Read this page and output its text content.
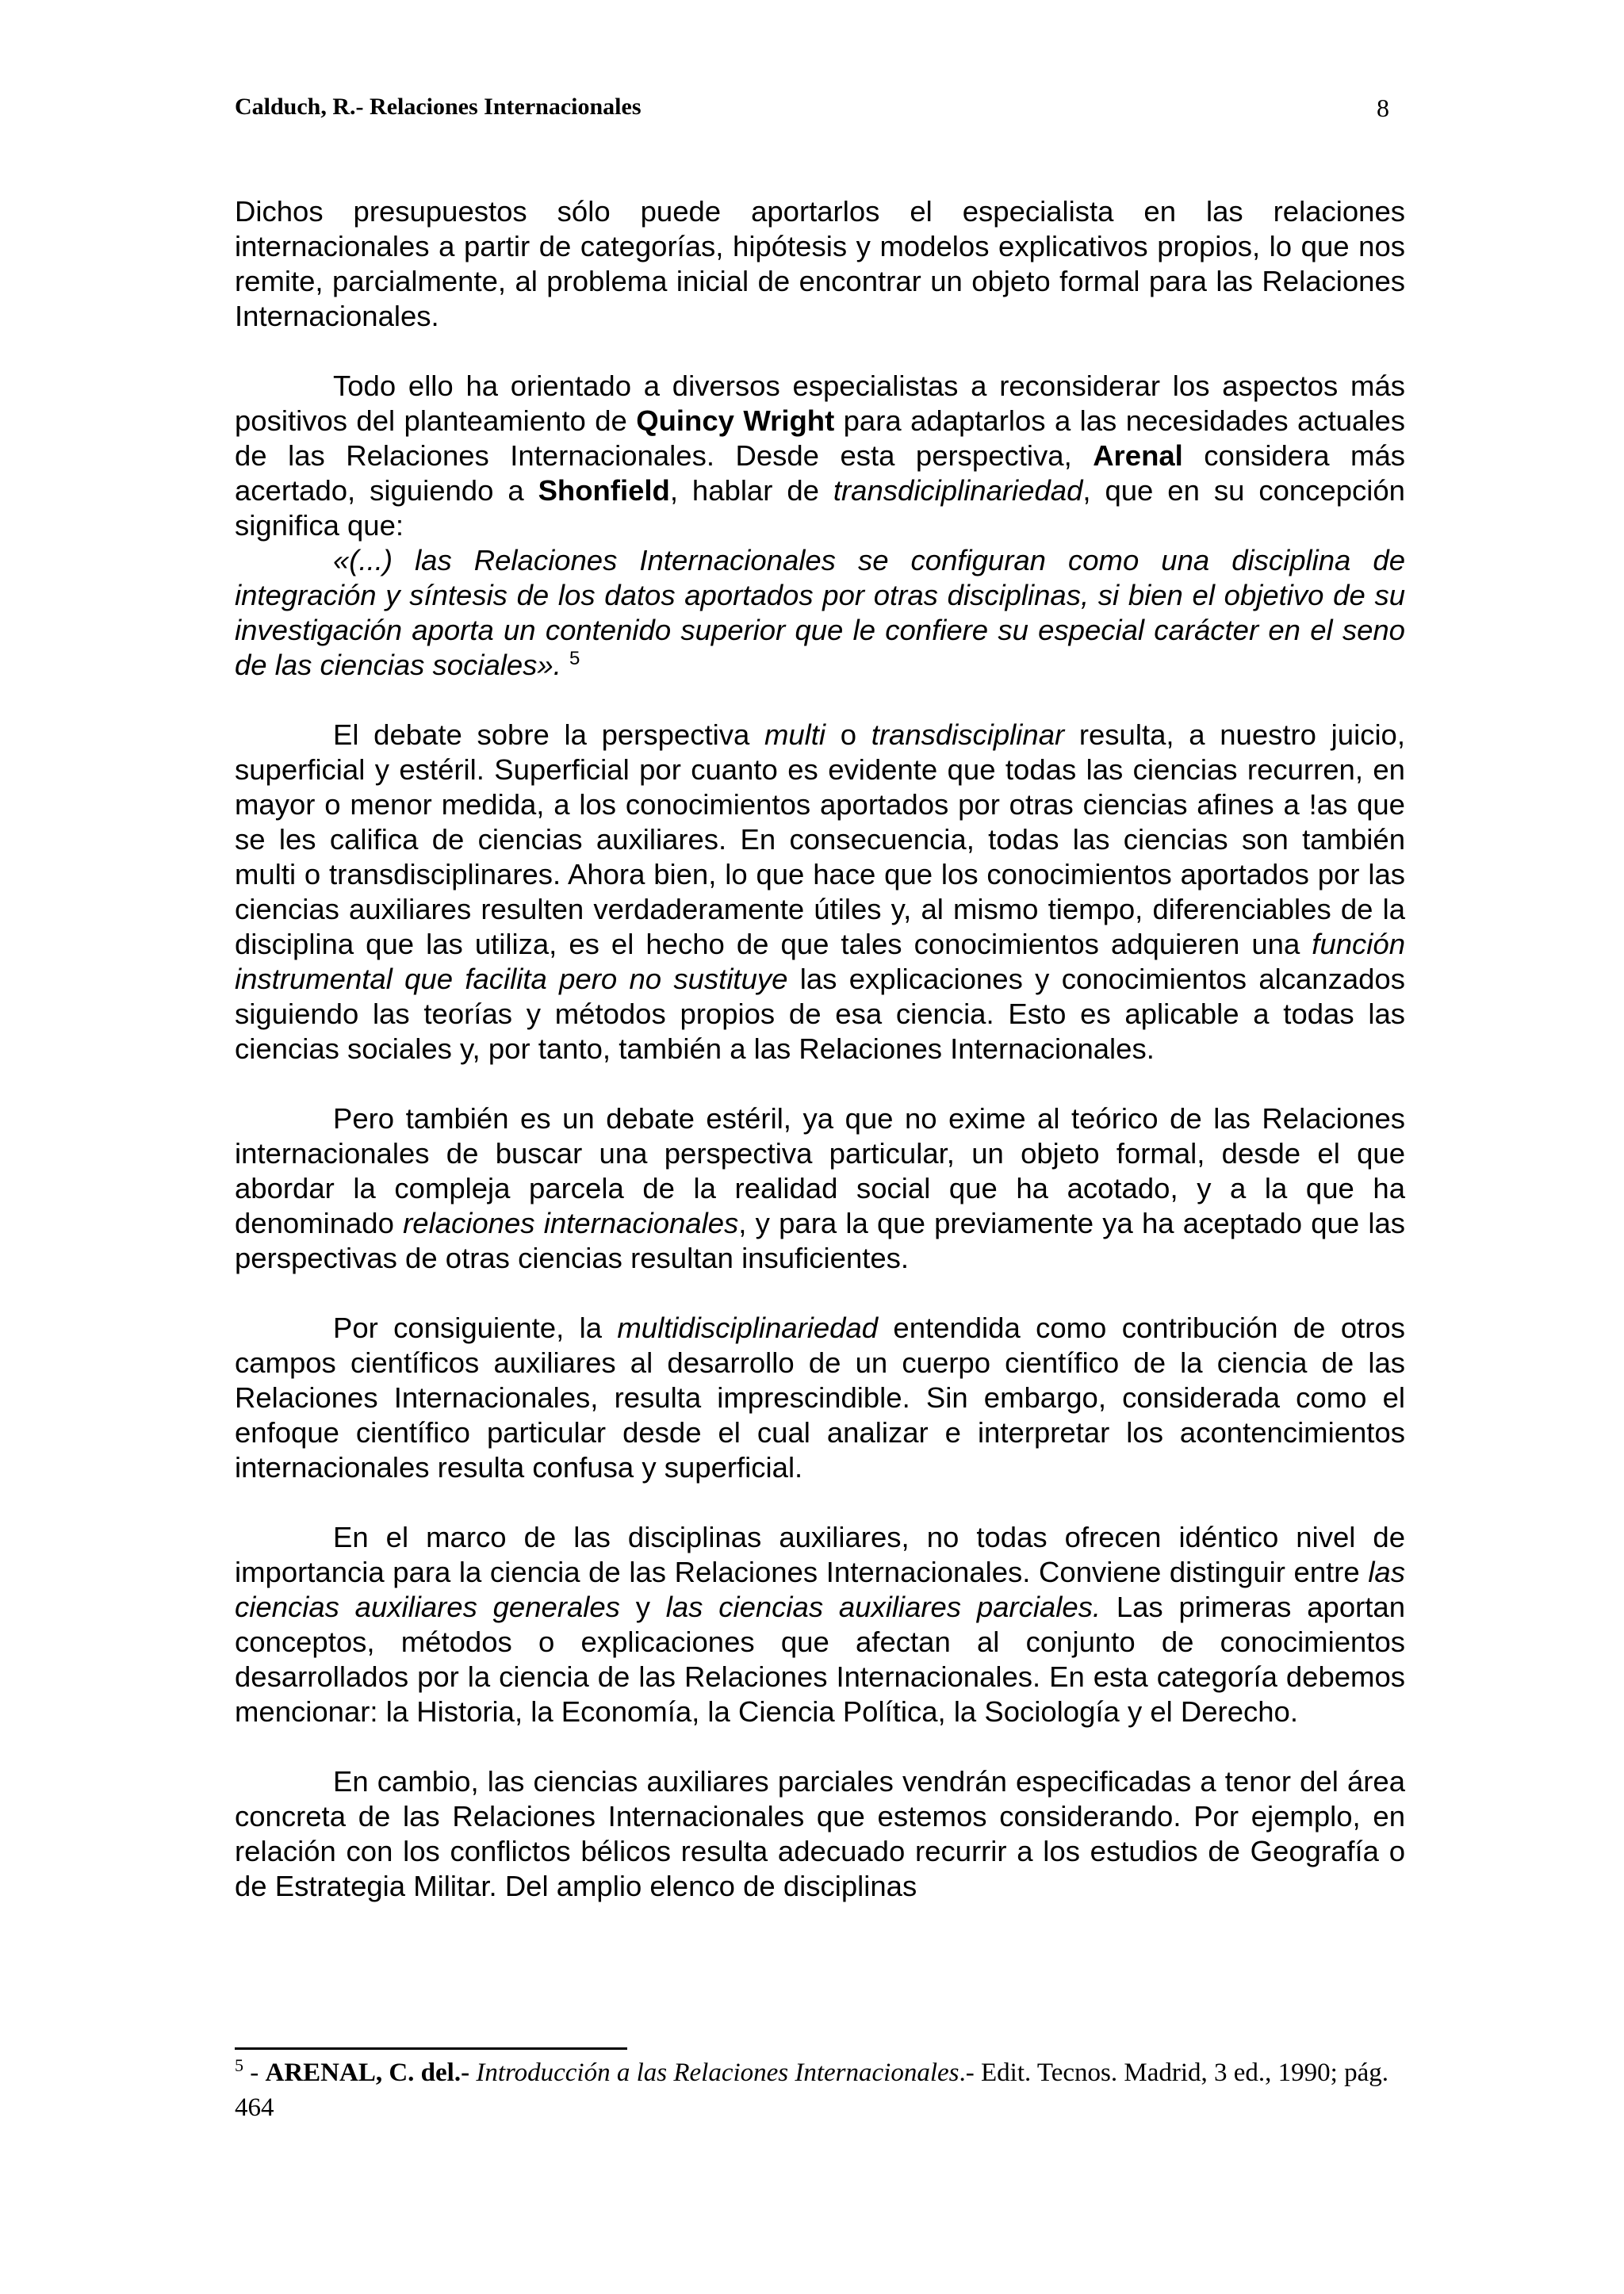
Calduch, R.- Relaciones Internacionales	8

Dichos presupuestos sólo puede aportarlos el especialista en las relaciones internacionales a partir de categorías, hipótesis y modelos explicativos propios, lo que nos remite, parcialmente, al problema inicial de encontrar un objeto formal para las Relaciones Internacionales.

Todo ello ha orientado a diversos especialistas a reconsiderar los aspectos más positivos del planteamiento de Quincy Wright para adaptarlos a las necesidades actuales de las Relaciones Internacionales. Desde esta perspectiva, Arenal considera más acertado, siguiendo a Shonfield, hablar de transdiciplinariedad, que en su concepción significa que:

«(...) las Relaciones Internacionales se configuran como una disciplina de integración y síntesis de los datos aportados por otras disciplinas, si bien el objetivo de su investigación aporta un contenido superior que le confiere su especial carácter en el seno de las ciencias sociales». $^5$

El debate sobre la perspectiva multi o transdisciplinar resulta, a nuestro juicio, superficial y estéril. Superficial por cuanto es evidente que todas las ciencias recurren, en mayor o menor medida, a los conocimientos aportados por otras ciencias afines a !as que se les califica de ciencias auxiliares. En consecuencia, todas las ciencias son también multi o transdisciplinares. Ahora bien, lo que hace que los conocimientos aportados por las ciencias auxiliares resulten verdaderamente útiles y, al mismo tiempo, diferenciables de la disciplina que las utiliza, es el hecho de que tales conocimientos adquieren una función instrumental que facilita pero no sustituye las explicaciones y conocimientos alcanzados siguiendo las teorías y métodos propios de esa ciencia. Esto es aplicable a todas las ciencias sociales y, por tanto, también a las Relaciones Internacionales.

Pero también es un debate estéril, ya que no exime al teórico de las Relaciones internacionales de buscar una perspectiva particular, un objeto formal, desde el que abordar la compleja parcela de la realidad social que ha acotado, y a la que ha denominado relaciones internacionales, y para la que previamente ya ha aceptado que las perspectivas de otras ciencias resultan insuficientes.

Por consiguiente, la multidisciplinariedad entendida como contribución de otros campos científicos auxiliares al desarrollo de un cuerpo científico de la ciencia de las Relaciones Internacionales, resulta imprescindible. Sin embargo, considerada como el enfoque científico particular desde el cual analizar e interpretar los acontencimientos internacionales resulta confusa y superficial.

En el marco de las disciplinas auxiliares, no todas ofrecen idéntico nivel de importancia para la ciencia de las Relaciones Internacionales. Conviene distinguir entre las ciencias auxiliares generales y las ciencias auxiliares parciales. Las primeras aportan conceptos, métodos o explicaciones que afectan al conjunto de conocimientos desarrollados por la ciencia de las Relaciones Internacionales. En esta categoría debemos mencionar: la Historia, la Economía, la Ciencia Política, la Sociología y el Derecho.

En cambio, las ciencias auxiliares parciales vendrán especificadas a tenor del área concreta de las Relaciones Internacionales que estemos considerando. Por ejemplo, en relación con los conflictos bélicos resulta adecuado recurrir a los estudios de Geografía o de Estrategia Militar. Del amplio elenco de disciplinas

$^5$ - ARENAL, C. del.- Introducción a las Relaciones Internacionales.- Edit. Tecnos. Madrid, 3 ed., 1990; pág. 464
